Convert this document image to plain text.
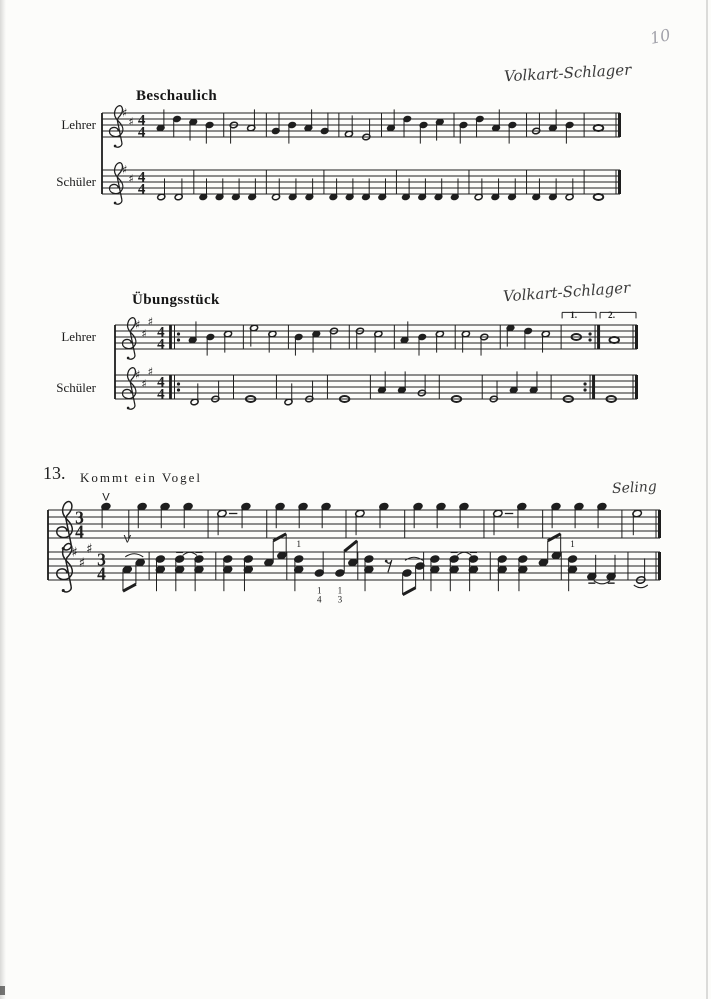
10
Volkart-Schlager
Beschaulich
Lehrer
Schüler
Volkart-Schlager
Übungsstück
Lehrer
Schüler
13. Kommt ein Vogel
Seling
♯
♯ 4
4
♯
♯ 4
4
♯
♯
♯
4
4
1.	2.
♯
♯
♯
4
4
3
4
V
♯
♯
♯ 3
4
V	1
1
4
1
3
1
